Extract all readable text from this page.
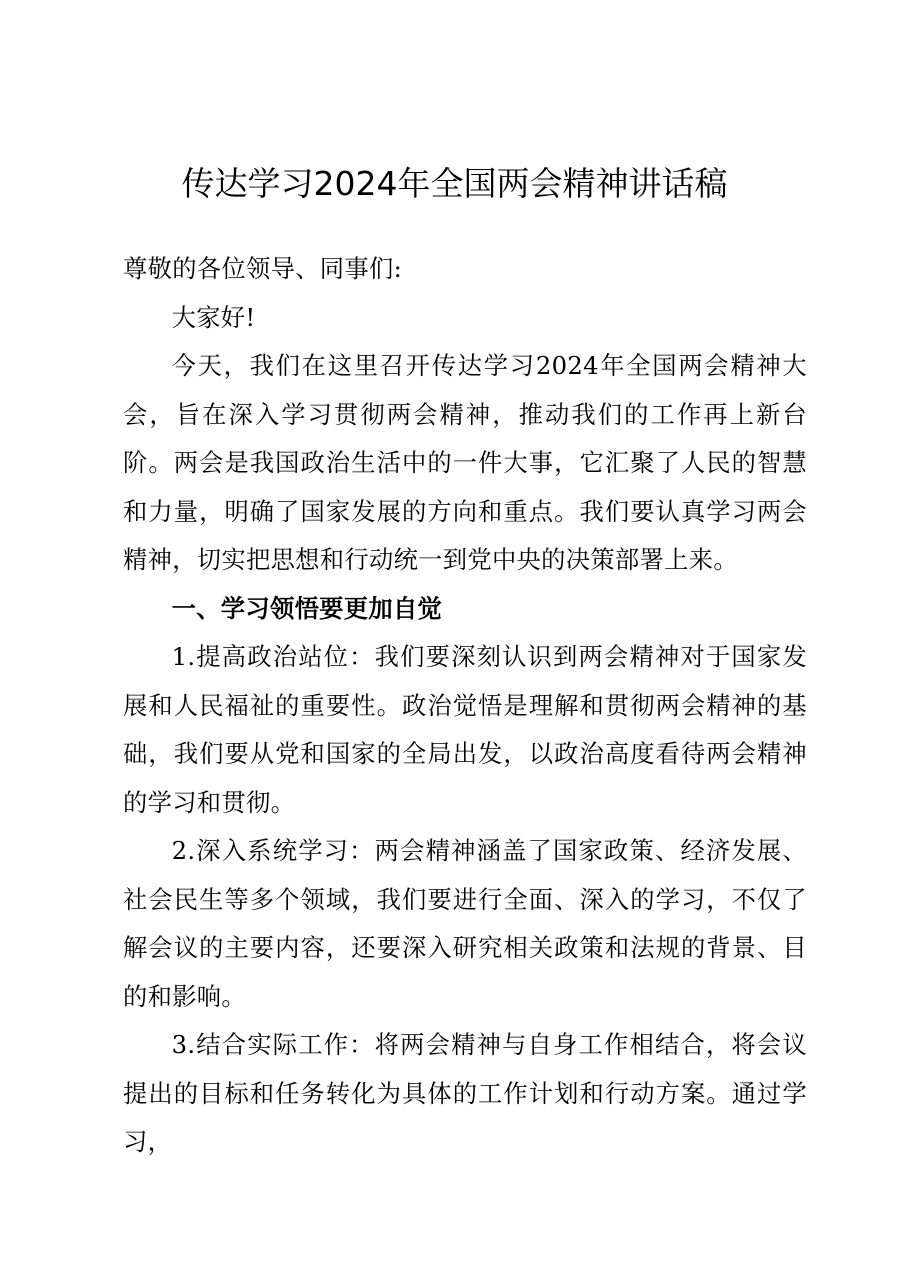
传达学习2024年全国两会精神讲话稿

尊敬的各位领导、同事们:

大家好!

今天，我们在这里召开传达学习2024年全国两会精神大会，旨在深入学习贯彻两会精神，推动我们的工作再上新台阶。两会是我国政治生活中的一件大事，它汇聚了人民的智慧和力量，明确了国家发展的方向和重点。我们要认真学习两会精神，切实把思想和行动统一到党中央的决策部署上来。

一、学习领悟要更加自觉

1.提高政治站位：我们要深刻认识到两会精神对于国家发展和人民福祉的重要性。政治觉悟是理解和贯彻两会精神的基础，我们要从党和国家的全局出发，以政治高度看待两会精神的学习和贯彻。

2.深入系统学习：两会精神涵盖了国家政策、经济发展、社会民生等多个领域，我们要进行全面、深入的学习，不仅了解会议的主要内容，还要深入研究相关政策和法规的背景、目的和影响。

3.结合实际工作：将两会精神与自身工作相结合，将会议提出的目标和任务转化为具体的工作计划和行动方案。通过学习，
